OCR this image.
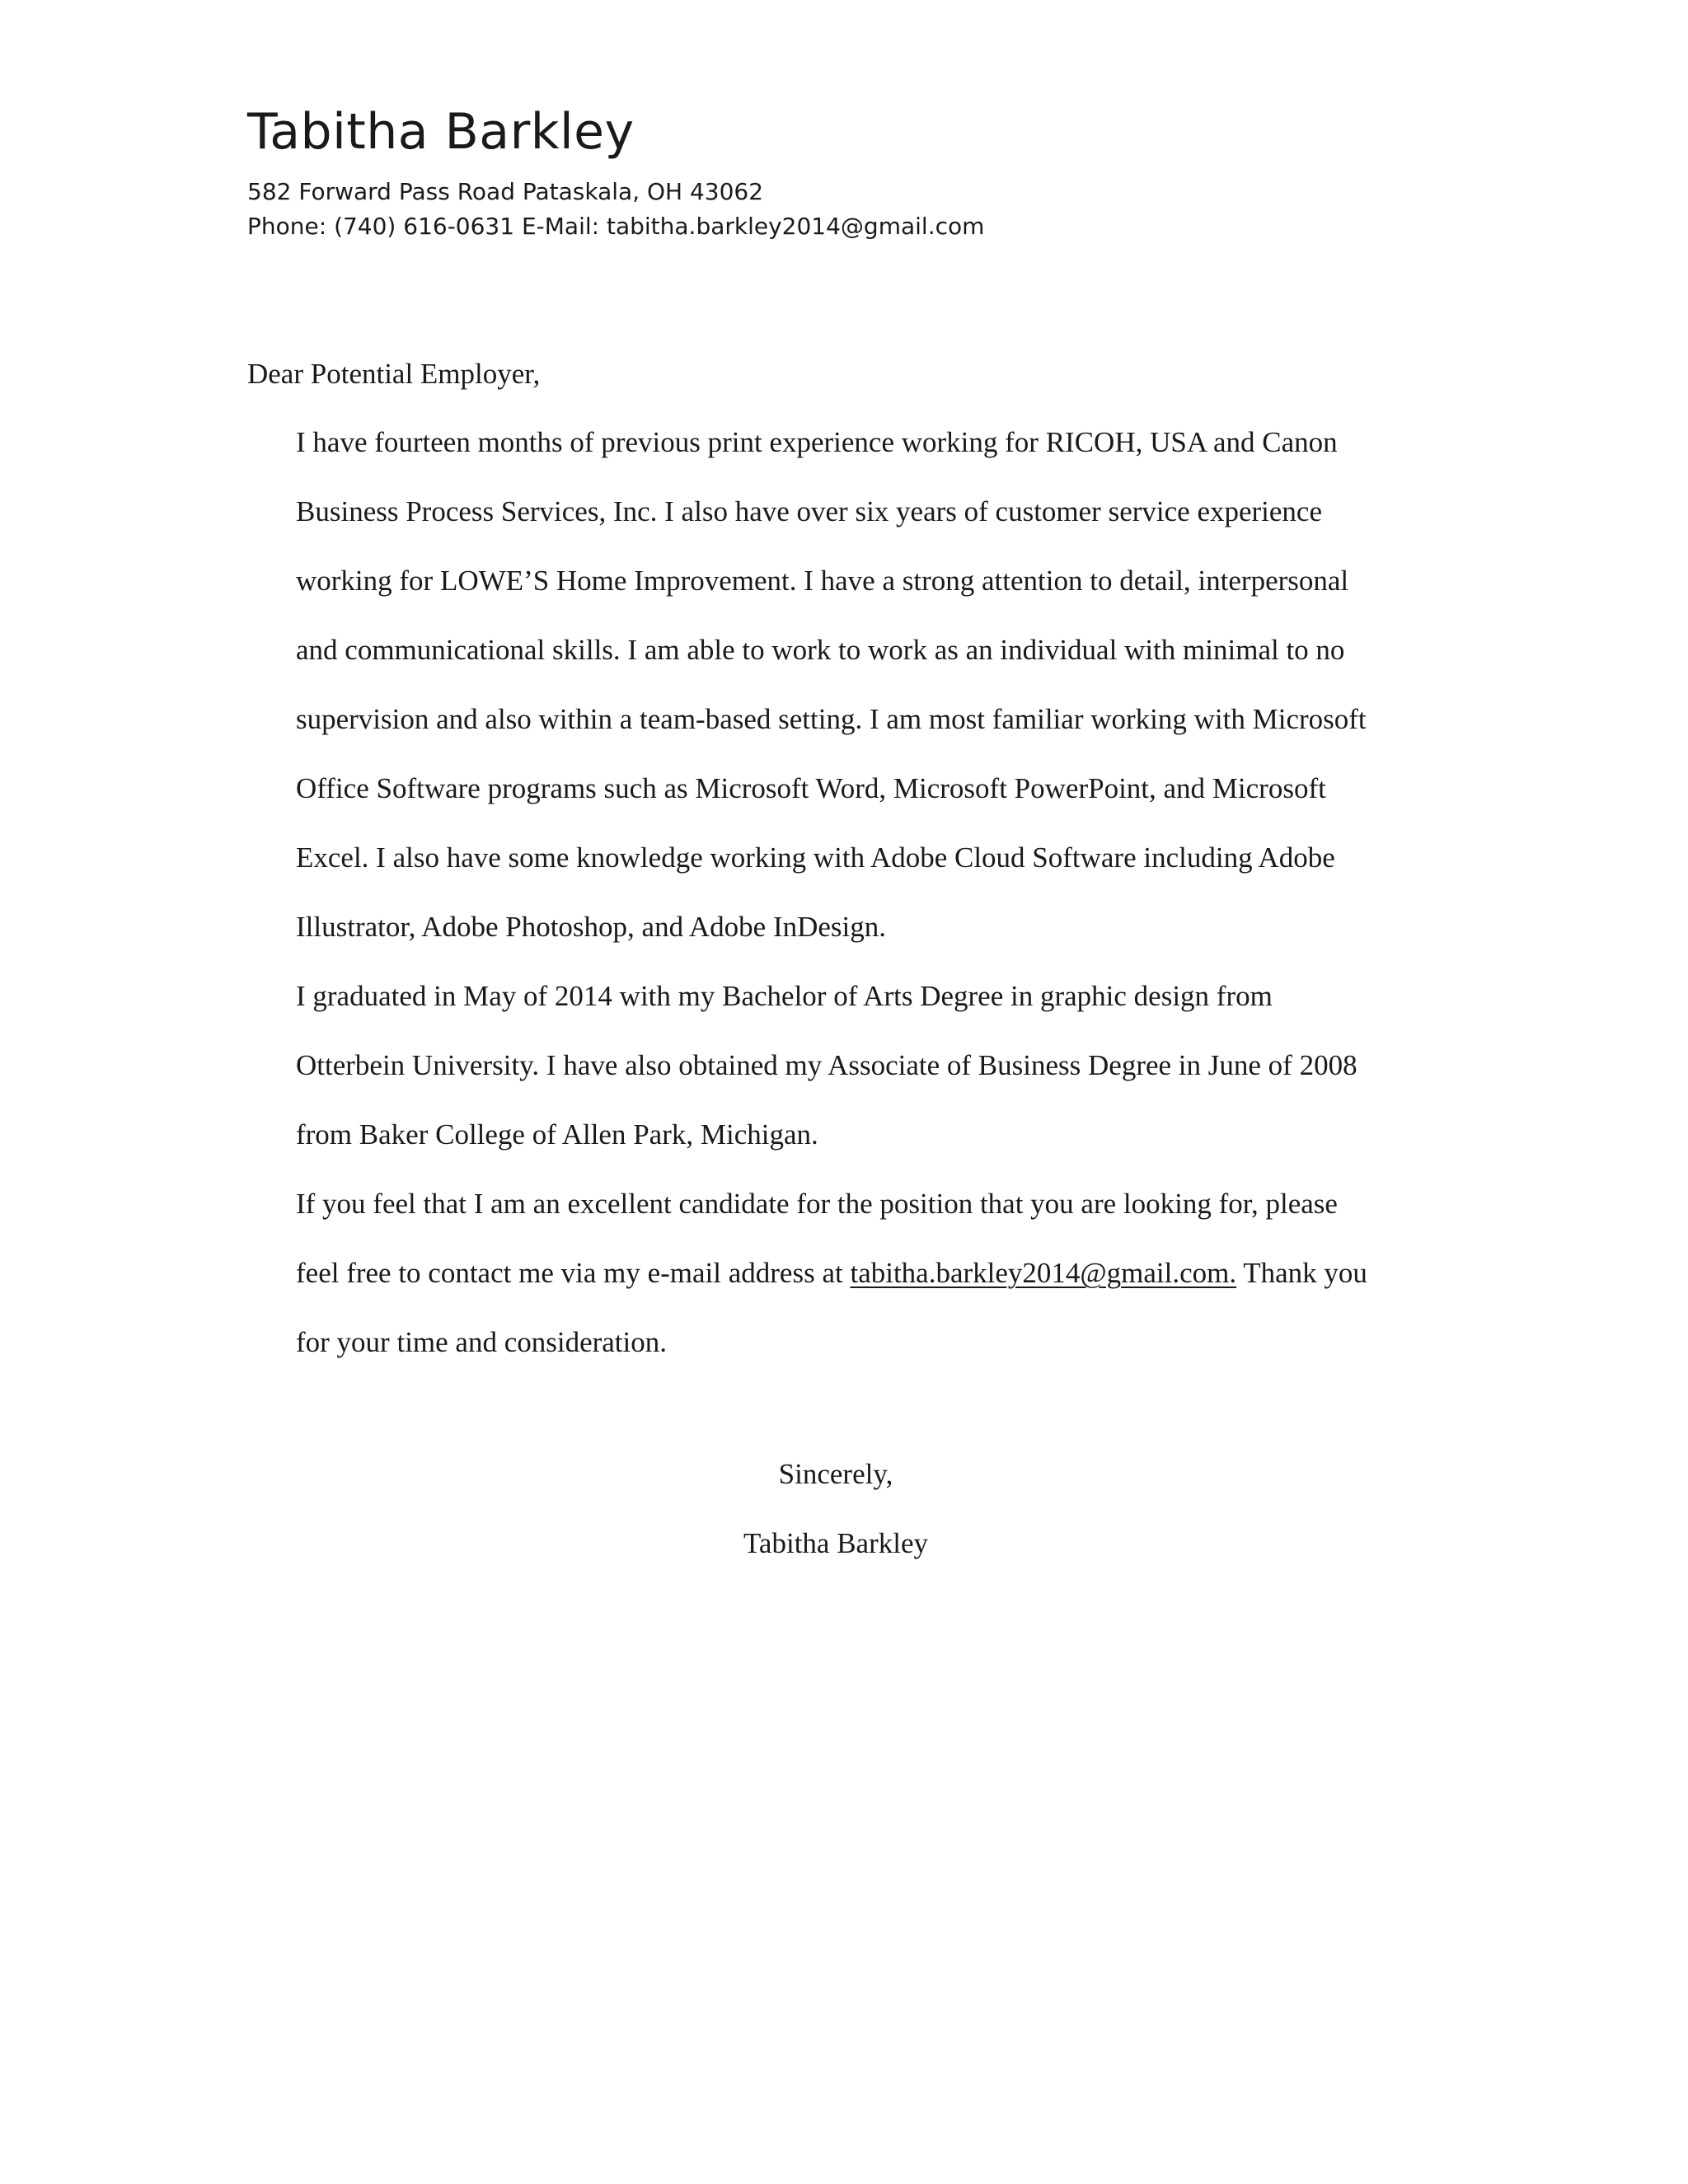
Tabitha Barkley

582 Forward Pass Road Pataskala, OH 43062

Phone: (740) 616-0631 E-Mail: tabitha.barkley2014@gmail.com

Dear Potential Employer,

I have fourteen months of previous print experience working for RICOH, USA and Canon

Business Process Services, Inc. I also have over six years of customer service experience

working for LOWE’S Home Improvement. I have a strong attention to detail, interpersonal

and communicational skills. I am able to work to work as an individual with minimal to no

supervision and also within a team-based setting. I am most familiar working with Microsoft

Office Software programs such as Microsoft Word, Microsoft PowerPoint, and Microsoft

Excel. I also have some knowledge working with Adobe Cloud Software including Adobe

Illustrator, Adobe Photoshop, and Adobe InDesign.

I graduated in May of 2014 with my Bachelor of Arts Degree in graphic design from

Otterbein University. I have also obtained my Associate of Business Degree in June of 2008

from Baker College of Allen Park, Michigan.

If you feel that I am an excellent candidate for the position that you are looking for, please

feel free to contact me via my e-mail address at tabitha.barkley2014@gmail.com. Thank you

for your time and consideration.

Sincerely,

Tabitha Barkley
